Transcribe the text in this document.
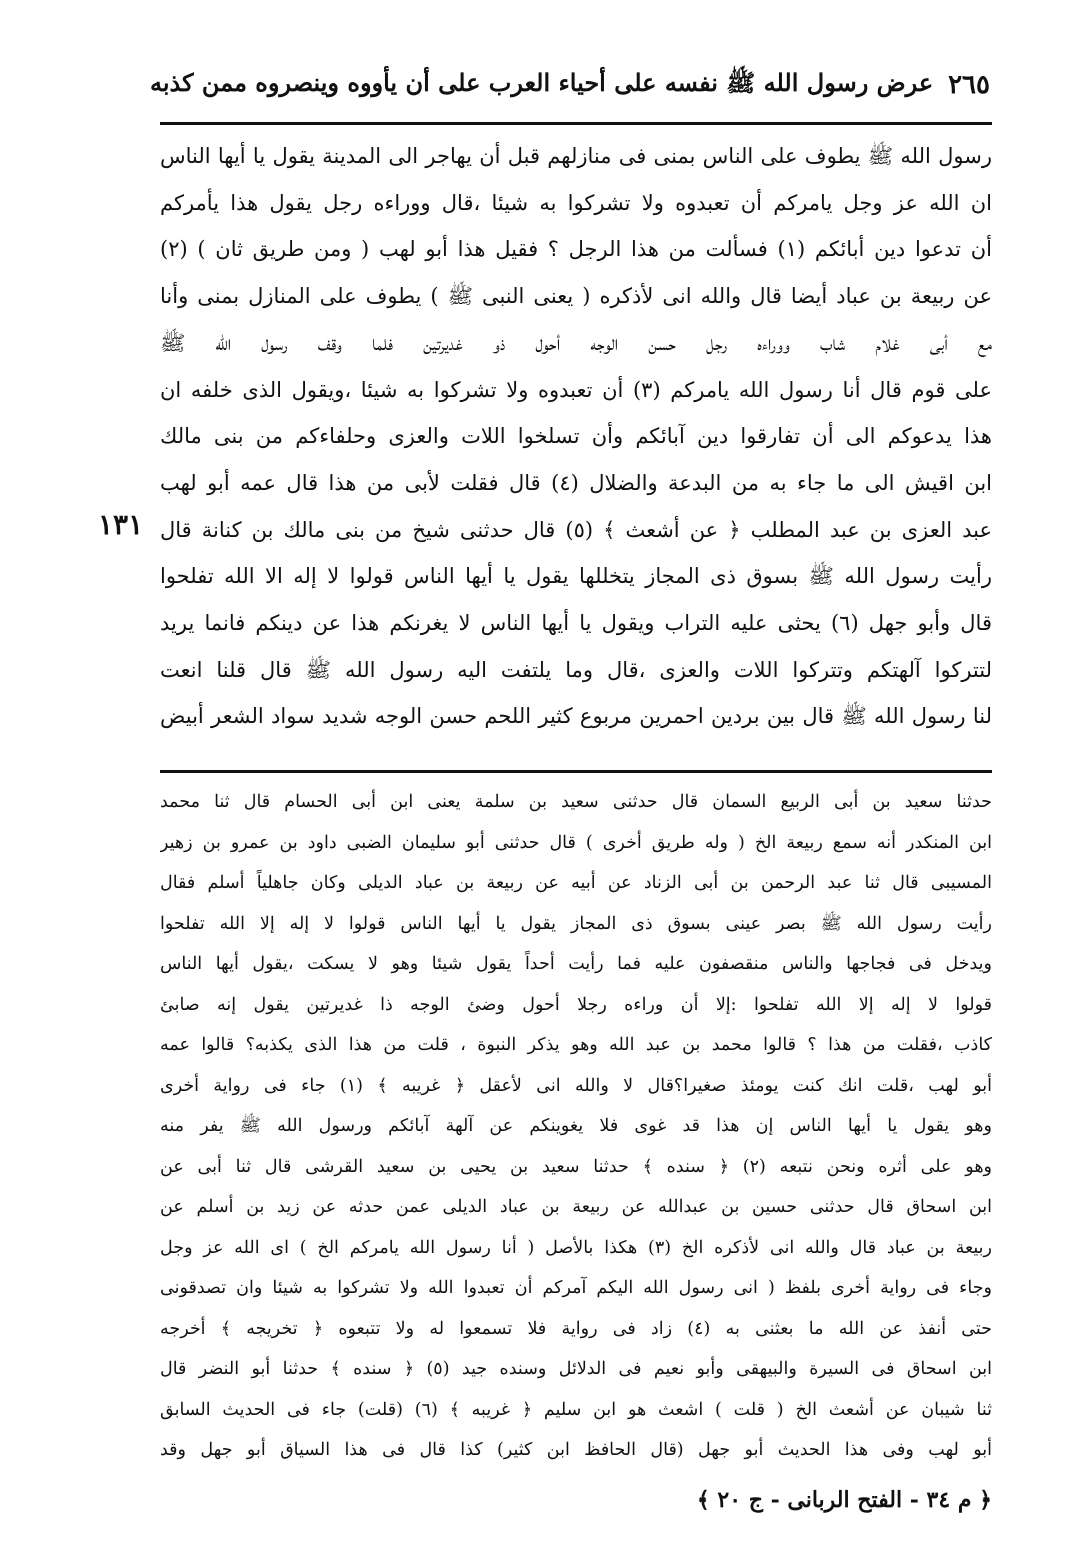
عرض رسول الله ﷺ نفسه على أحياء العرب على أن يأووه وينصروه ممن كذبه ٢٦٥
١٣١
رسول الله ﷺ يطوف على الناس بمنى فى منازلهم قبل أن يهاجر الى المدينة يقول يا أيها الناس
ان الله عز وجل يامركم أن تعبدوه ولا تشركوا به شيئا ،قال ووراءه رجل يقول هذا يأمركم
أن تدعوا دين أبائكم (١) فسألت من هذا الرجل ؟ فقيل هذا أبو لهب ( ومن طريق ثان ) (٢)
عن ربيعة بن عباد أيضا قال والله انى لأذكره ( يعنى النبى ﷺ ) يطوف على المنازل بمنى وأنا
مع أبى غلام شاب ووراءه رجل حسن الوجه أحول ذو غديرتين فلما وقف رسول الله ﷺ
على قوم قال أنا رسول الله يامركم (٣) أن تعبدوه ولا تشركوا به شيئا ،ويقول الذى خلفه ان
هذا يدعوكم الى أن تفارقوا دين آبائكم وأن تسلخوا اللات والعزى وحلفاءكم من بنى مالك
ابن اقيش الى ما جاء به من البدعة والضلال (٤) قال فقلت لأبى من هذا قال عمه أبو لهب
عبد العزى بن عبد المطلب ﴿ عن أشعث ﴾ (٥) قال حدثنى شيخ من بنى مالك بن كنانة قال
رأيت رسول الله ﷺ بسوق ذى المجاز يتخللها يقول يا أيها الناس قولوا لا إله الا الله تفلحوا
قال وأبو جهل (٦) يحثى عليه التراب ويقول يا أيها الناس لا يغرنكم هذا عن دينكم فانما يريد
لتتركوا آلهتكم وتتركوا اللات والعزى ،قال وما يلتفت اليه رسول الله ﷺ قال قلنا انعت
لنا رسول الله ﷺ قال بين بردين احمرين مربوع كثير اللحم حسن الوجه شديد سواد الشعر أبيض
حدثنا سعيد بن أبى الربيع السمان قال حدثنى سعيد بن سلمة يعنى ابن أبى الحسام قال ثنا محمد
ابن المنكدر أنه سمع ربيعة الخ ( وله طريق أخرى ) قال حدثنى أبو سليمان الضبى داود بن عمرو بن زهير
المسيبى قال ثنا عبد الرحمن بن أبى الزناد عن أبيه عن ربيعة بن عباد الديلى وكان جاهلياً أسلم فقال
رأيت رسول الله ﷺ بصر عينى بسوق ذى المجاز يقول يا أيها الناس قولوا لا إله إلا الله تفلحوا
ويدخل فى فجاجها والناس منقصفون عليه فما رأيت أحداً يقول شيئا وهو لا يسكت ،يقول أيها الناس
قولوا لا إله إلا الله تفلحوا :إلا أن وراءه رجلا أحول وضئ الوجه ذا غديرتين يقول إنه صابئ
كاذب ،فقلت من هذا ؟ قالوا محمد بن عبد الله وهو يذكر النبوة ، قلت من هذا الذى يكذبه؟ قالوا عمه
أبو لهب ،قلت انك كنت يومئذ صغيرا؟قال لا والله انى لأعقل ﴿ غريبه ﴾ (١) جاء فى رواية أخرى
وهو يقول يا أيها الناس إن هذا قد غوى فلا يغوينكم عن آلهة آبائكم ورسول الله ﷺ يفر منه
وهو على أثره ونحن نتبعه (٢) ﴿ سنده ﴾ حدثنا سعيد بن يحيى بن سعيد القرشى قال ثنا أبى عن
ابن اسحاق قال حدثنى حسين بن عبدالله عن ربيعة بن عباد الديلى عمن حدثه عن زيد بن أسلم عن
ربيعة بن عباد قال والله انى لأذكره الخ (٣) هكذا بالأصل ( أنا رسول الله يامركم الخ ) اى الله عز وجل
وجاء فى رواية أخرى بلفظ ( انى رسول الله اليكم آمركم أن تعبدوا الله ولا تشركوا به شيئا وان تصدقونى
حتى أنفذ عن الله ما بعثنى به (٤) زاد فى رواية فلا تسمعوا له ولا تتبعوه ﴿ تخريجه ﴾ أخرجه
ابن اسحاق فى السيرة والبيهقى وأبو نعيم فى الدلائل وسنده جيد (٥) ﴿ سنده ﴾ حدثنا أبو النضر قال
ثنا شيبان عن أشعث الخ ( قلت ) اشعث هو ابن سليم ﴿ غريبه ﴾ (٦) (قلت) جاء فى الحديث السابق
أبو لهب وفى هذا الحديث أبو جهل (قال الحافظ ابن كثير) كذا قال فى هذا السياق أبو جهل وقد
﴿ م ٣٤ - الفتح الربانى - ج ٢٠ ﴾
